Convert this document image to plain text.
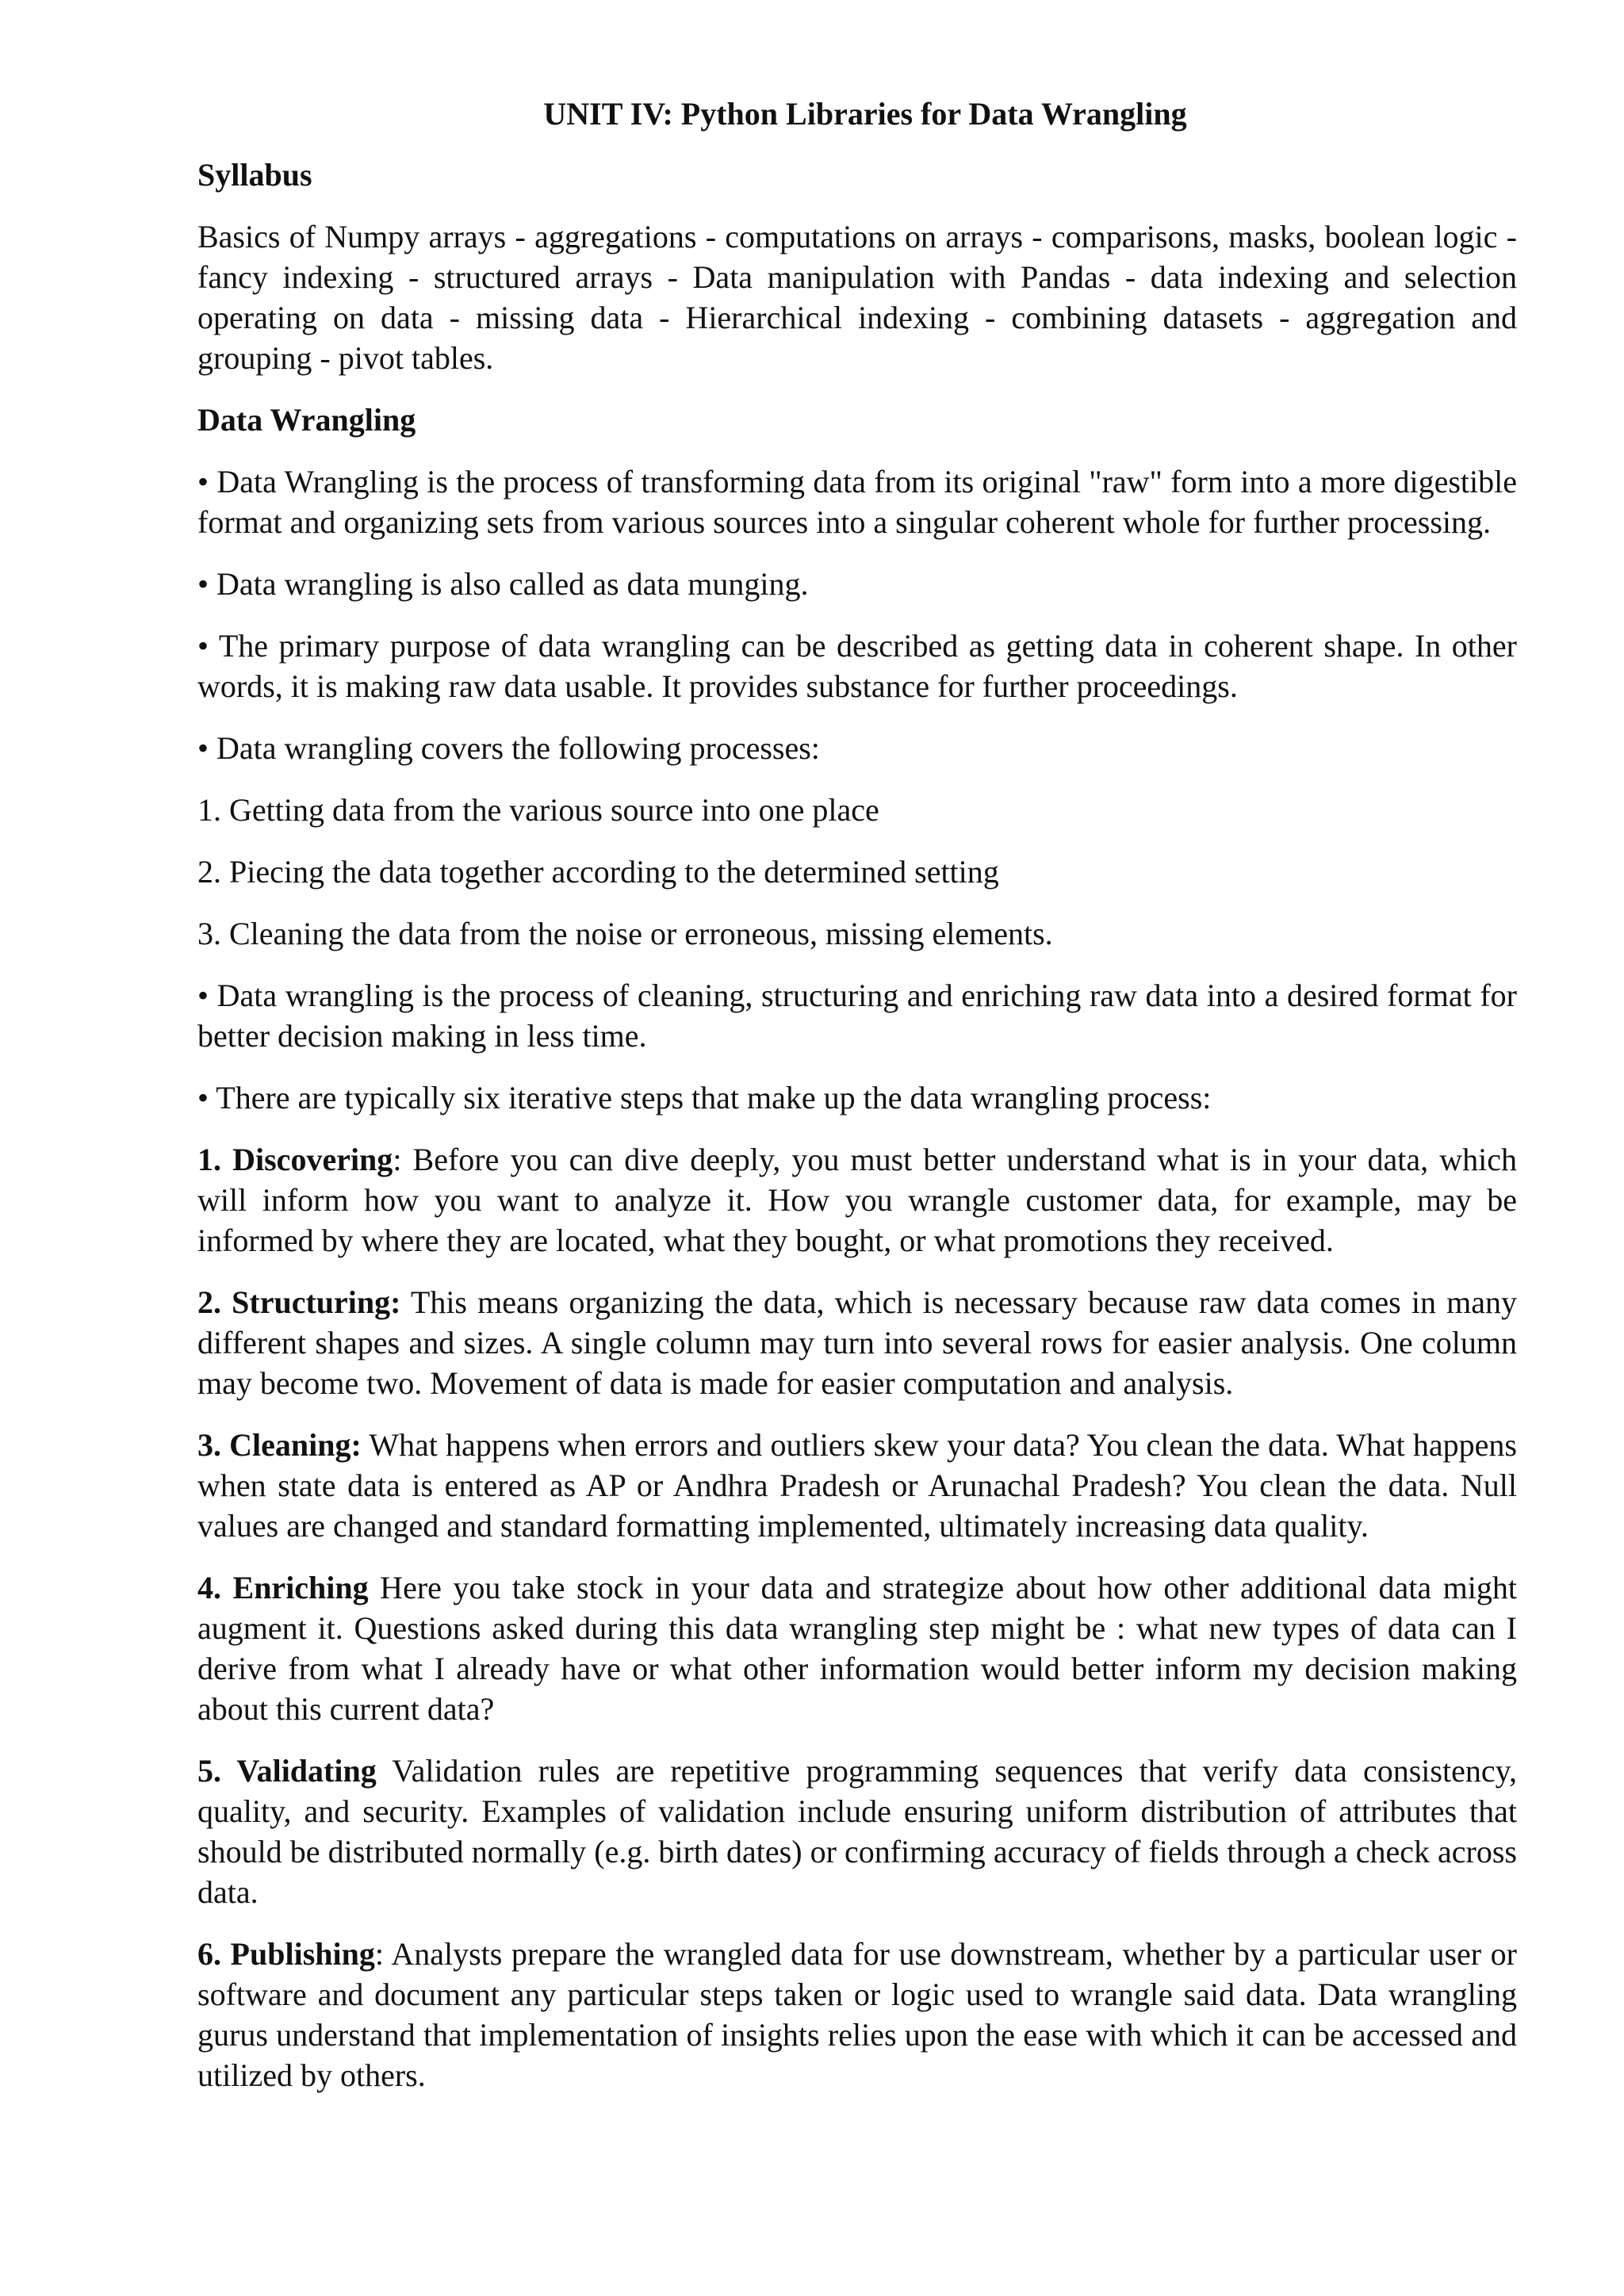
UNIT IV: Python Libraries for Data Wrangling
Syllabus
Basics of Numpy arrays - aggregations - computations on arrays - comparisons, masks, boolean logic - fancy indexing - structured arrays - Data manipulation with Pandas - data indexing and selection operating on data - missing data - Hierarchical indexing - combining datasets - aggregation and grouping - pivot tables.
Data Wrangling
• Data Wrangling is the process of transforming data from its original "raw" form into a more digestible format and organizing sets from various sources into a singular coherent whole for further processing.
• Data wrangling is also called as data munging.
• The primary purpose of data wrangling can be described as getting data in coherent shape. In other words, it is making raw data usable. It provides substance for further proceedings.
• Data wrangling covers the following processes:
1. Getting data from the various source into one place
2. Piecing the data together according to the determined setting
3. Cleaning the data from the noise or erroneous, missing elements.
• Data wrangling is the process of cleaning, structuring and enriching raw data into a desired format for better decision making in less time.
• There are typically six iterative steps that make up the data wrangling process:
1. Discovering: Before you can dive deeply, you must better understand what is in your data, which will inform how you want to analyze it. How you wrangle customer data, for example, may be informed by where they are located, what they bought, or what promotions they received.
2. Structuring: This means organizing the data, which is necessary because raw data comes in many different shapes and sizes. A single column may turn into several rows for easier analysis. One column may become two. Movement of data is made for easier computation and analysis.
3. Cleaning: What happens when errors and outliers skew your data? You clean the data. What happens when state data is entered as AP or Andhra Pradesh or Arunachal Pradesh? You clean the data. Null values are changed and standard formatting implemented, ultimately increasing data quality.
4. Enriching Here you take stock in your data and strategize about how other additional data might augment it. Questions asked during this data wrangling step might be : what new types of data can I derive from what I already have or what other information would better inform my decision making about this current data?
5. Validating Validation rules are repetitive programming sequences that verify data consistency, quality, and security. Examples of validation include ensuring uniform distribution of attributes that should be distributed normally (e.g. birth dates) or confirming accuracy of fields through a check across data.
6. Publishing: Analysts prepare the wrangled data for use downstream, whether by a particular user or software and document any particular steps taken or logic used to wrangle said data. Data wrangling gurus understand that implementation of insights relies upon the ease with which it can be accessed and utilized by others.
